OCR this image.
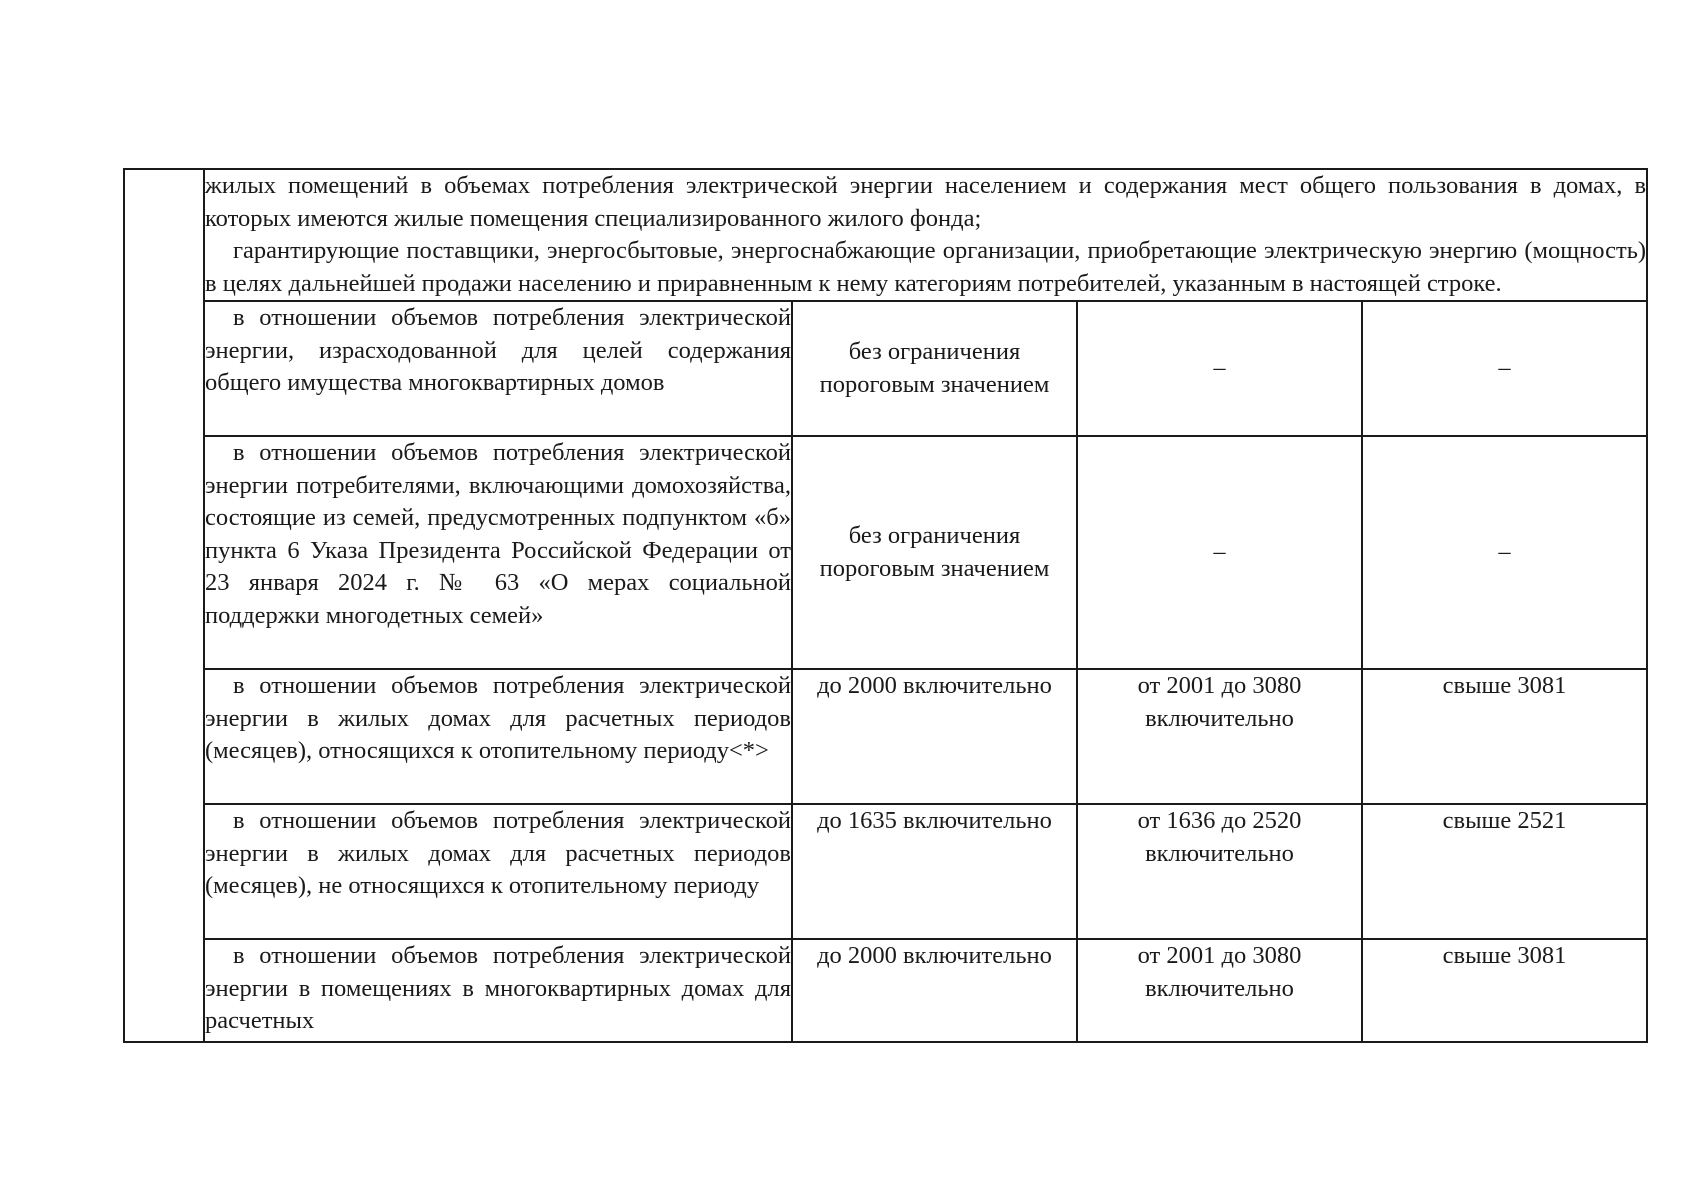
	жилых помещений в объемах потребления электрической энергии населением и содержания мест общего пользования в домах, в которых имеются жилые помещения специализированного жилого фонда;

гарантирующие поставщики, энергосбытовые, энергоснабжающие организации, приобретающие электрическую энергию (мощность) в целях дальнейшей продажи населению и приравненным к нему категориям потребителей, указанным в настоящей строке.			

	в отношении объемов потребления электрической энергии, израсходованной для целей содержания общего имущества многоквартирных домов	без ограничения пороговым значением	–	–

	в отношении объемов потребления электрической энергии потребителями, включающими домохозяйства, состоящие из семей, предусмотренных подпунктом «б» пункта 6 Указа Президента Российской Федерации от 23 января 2024 г. № 63 «О мерах социальной поддержки многодетных семей»	без ограничения пороговым значением	–	–

	в отношении объемов потребления электрической энергии в жилых домах для расчетных периодов (месяцев), относящихся к отопительному периоду<*>	до 2000 включительно	от 2001 до 3080 включительно	свыше 3081

	в отношении объемов потребления электрической энергии в жилых домах для расчетных периодов (месяцев), не относящихся к отопительному периоду	до 1635 включительно	от 1636 до 2520 включительно	свыше 2521

	в отношении объемов потребления электрической энергии в помещениях в многоквартирных домах для расчетных	до 2000 включительно	от 2001 до 3080 включительно	свыше 3081
